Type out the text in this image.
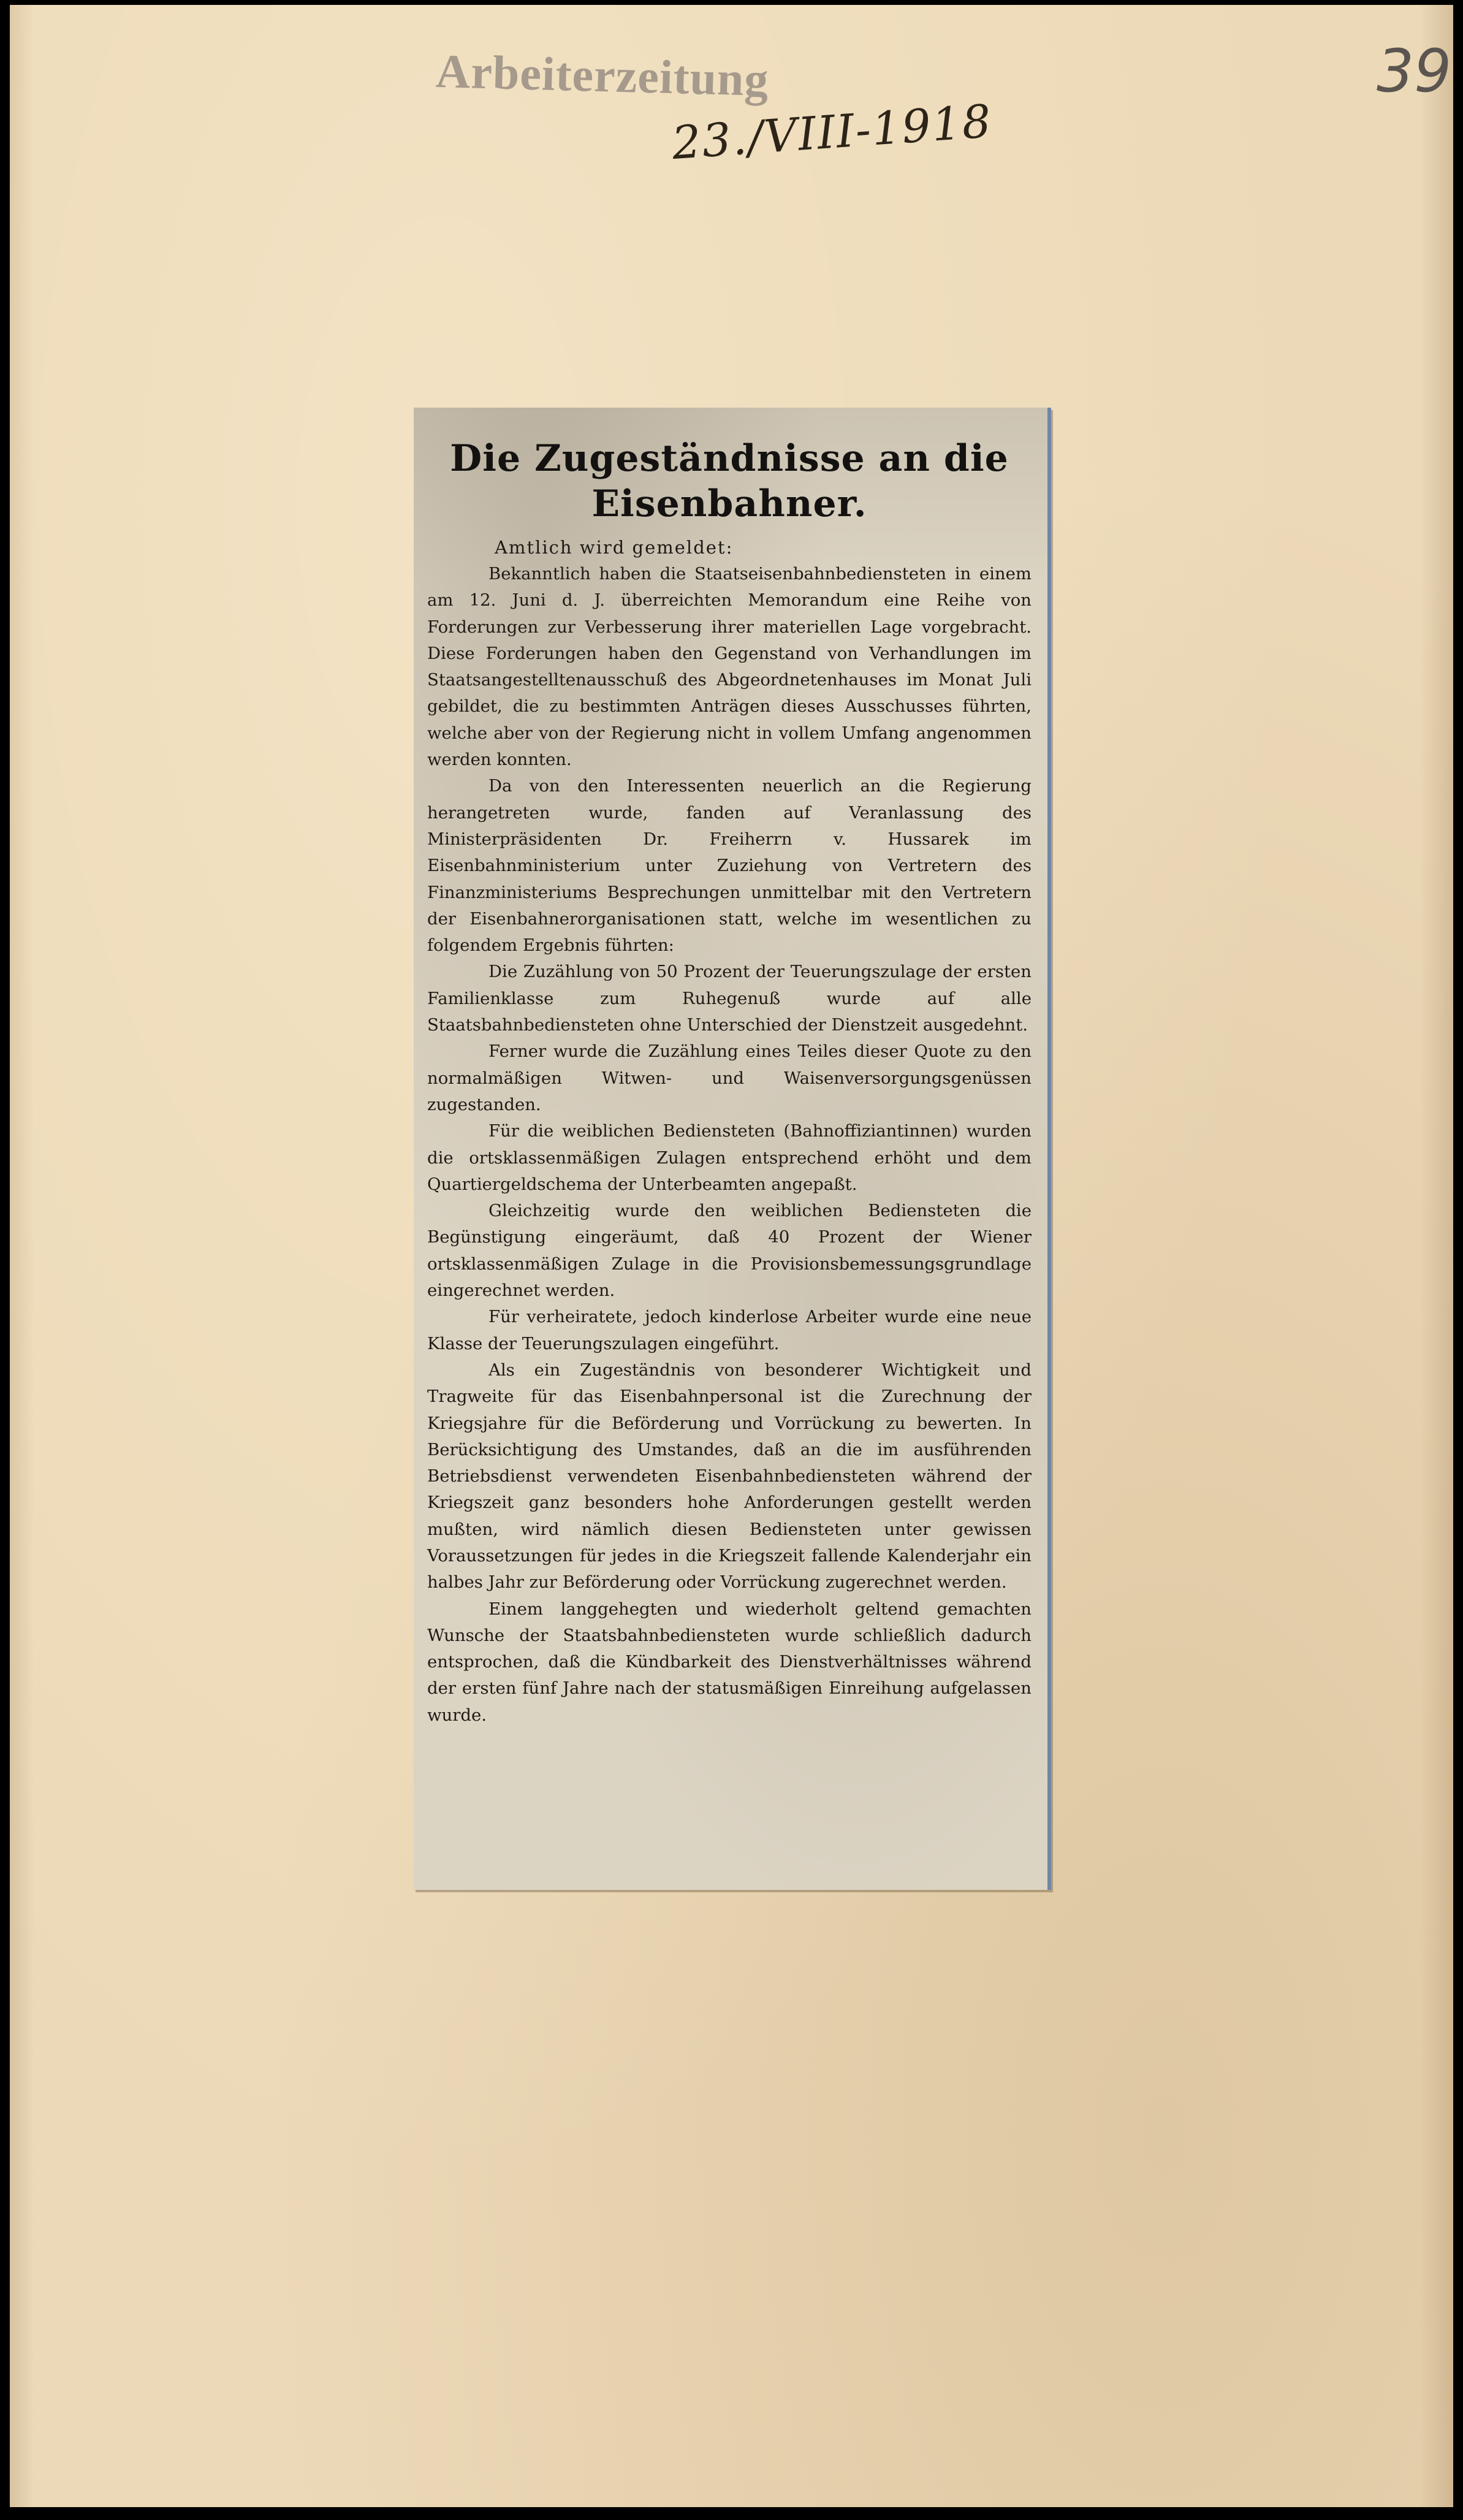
Arbeiterzeitung
23./VIII-1918
39
Die Zugeständnisse an die Eisenbahner.
Amtlich wird gemeldet:

Bekanntlich haben die Staatseisenbahnbediensteten in einem am 12. Juni d. J. überreichten Memorandum eine Reihe von Forderungen zur Verbesserung ihrer materiellen Lage vorgebracht. Diese Forderungen haben den Gegenstand von Verhandlungen im Staatsangestelltenausschuß des Abgeordnetenhauses im Monat Juli gebildet, die zu bestimmten Anträgen dieses Ausschusses führten, welche aber von der Regierung nicht in vollem Umfang angenommen werden konnten.

Da von den Interessenten neuerlich an die Regierung herangetreten wurde, fanden auf Veranlassung des Ministerpräsidenten Dr. Freiherrn v. Hussarek im Eisenbahnministerium unter Zuziehung von Vertretern des Finanzministeriums Besprechungen unmittelbar mit den Vertretern der Eisenbahnerorganisationen statt, welche im wesentlichen zu folgendem Ergebnis führten:

Die Zuzählung von 50 Prozent der Teuerungszulage der ersten Familienklasse zum Ruhegenuß wurde auf alle Staatsbahnbediensteten ohne Unterschied der Dienstzeit ausgedehnt.

Ferner wurde die Zuzählung eines Teiles dieser Quote zu den normalmäßigen Witwen- und Waisenversorgungsgenüssen zugestanden.

Für die weiblichen Bediensteten (Bahnoffiziantinnen) wurden die ortsklassenmäßigen Zulagen entsprechend erhöht und dem Quartiergeldschema der Unterbeamten angepaßt.

Gleichzeitig wurde den weiblichen Bediensteten die Begünstigung eingeräumt, daß 40 Prozent der Wiener ortsklassenmäßigen Zulage in die Provisionsbemessungsgrundlage eingerechnet werden.

Für verheiratete, jedoch kinderlose Arbeiter wurde eine neue Klasse der Teuerungszulagen eingeführt.

Als ein Zugeständnis von besonderer Wichtigkeit und Tragweite für das Eisenbahnpersonal ist die Zurechnung der Kriegsjahre für die Beförderung und Vorrückung zu bewerten. In Berücksichtigung des Umstandes, daß an die im ausführenden Betriebsdienst verwendeten Eisenbahnbediensteten während der Kriegszeit ganz besonders hohe Anforderungen gestellt werden mußten, wird nämlich diesen Bediensteten unter gewissen Voraussetzungen für jedes in die Kriegszeit fallende Kalenderjahr ein halbes Jahr zur Beförderung oder Vorrückung zugerechnet werden.

Einem langgehegten und wiederholt geltend gemachten Wunsche der Staatsbahnbediensteten wurde schließlich dadurch entsprochen, daß die Kündbarkeit des Dienstverhältnisses während der ersten fünf Jahre nach der statusmäßigen Einreihung aufgelassen wurde.
